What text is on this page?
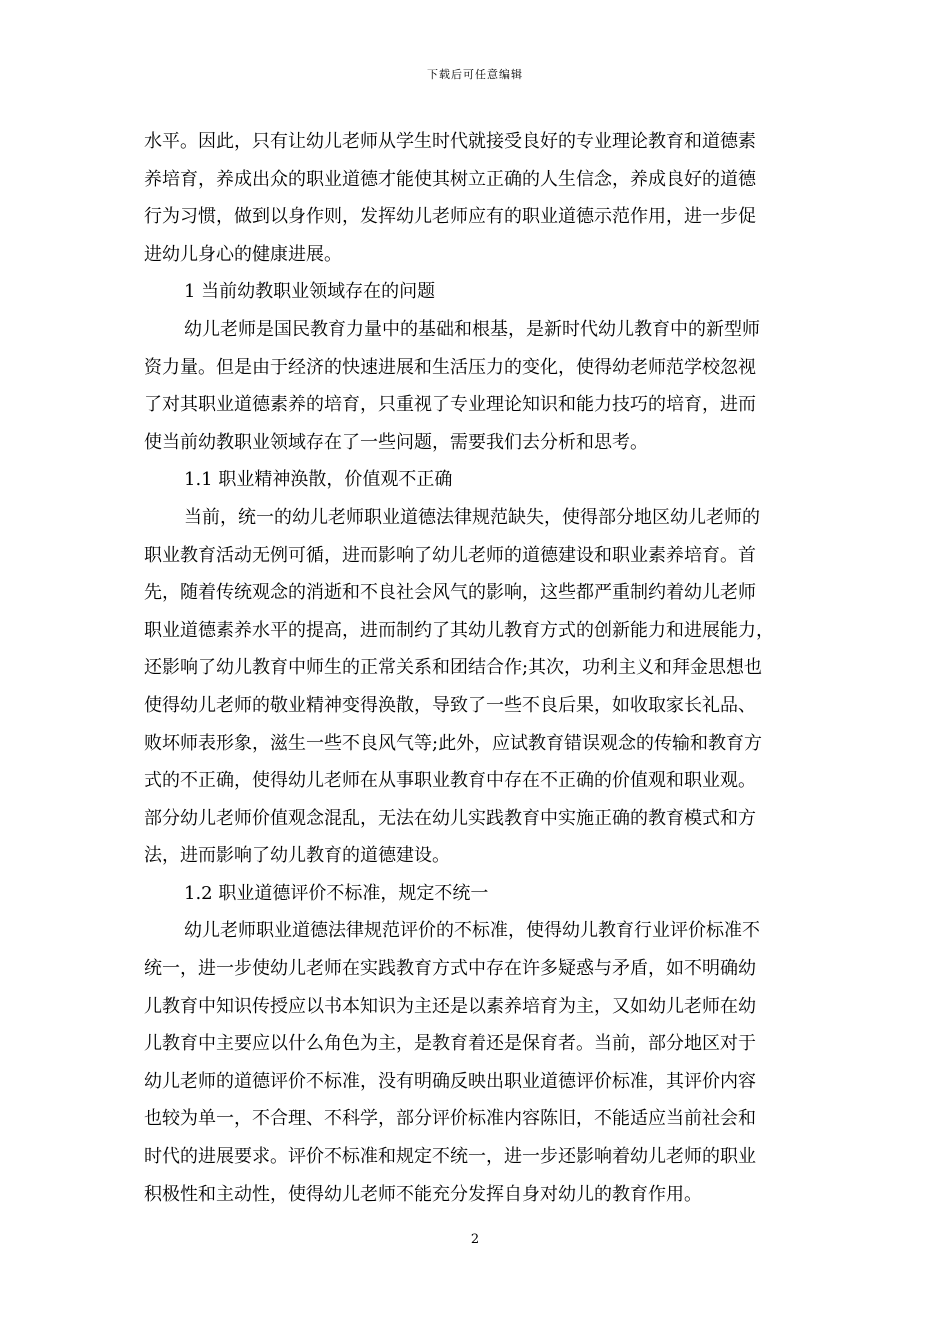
下载后可任意编辑
水平。因此，只有让幼儿老师从学生时代就接受良好的专业理论教育和道德素
养培育，养成出众的职业道德才能使其树立正确的人生信念，养成良好的道德
行为习惯，做到以身作则，发挥幼儿老师应有的职业道德示范作用，进一步促
进幼儿身心的健康进展。
1 当前幼教职业领域存在的问题
幼儿老师是国民教育力量中的基础和根基，是新时代幼儿教育中的新型师
资力量。但是由于经济的快速进展和生活压力的变化，使得幼老师范学校忽视
了对其职业道德素养的培育，只重视了专业理论知识和能力技巧的培育，进而
使当前幼教职业领域存在了一些问题，需要我们去分析和思考。
1.1 职业精神涣散，价值观不正确
当前，统一的幼儿老师职业道德法律规范缺失，使得部分地区幼儿老师的
职业教育活动无例可循，进而影响了幼儿老师的道德建设和职业素养培育。首
先，随着传统观念的消逝和不良社会风气的影响，这些都严重制约着幼儿老师
职业道德素养水平的提高，进而制约了其幼儿教育方式的创新能力和进展能力，
还影响了幼儿教育中师生的正常关系和团结合作;其次，功利主义和拜金思想也
使得幼儿老师的敬业精神变得涣散，导致了一些不良后果，如收取家长礼品、
败坏师表形象，滋生一些不良风气等;此外，应试教育错误观念的传输和教育方
式的不正确，使得幼儿老师在从事职业教育中存在不正确的价值观和职业观。
部分幼儿老师价值观念混乱，无法在幼儿实践教育中实施正确的教育模式和方
法，进而影响了幼儿教育的道德建设。
1.2 职业道德评价不标准，规定不统一
幼儿老师职业道德法律规范评价的不标准，使得幼儿教育行业评价标准不
统一，进一步使幼儿老师在实践教育方式中存在许多疑惑与矛盾，如不明确幼
儿教育中知识传授应以书本知识为主还是以素养培育为主，又如幼儿老师在幼
儿教育中主要应以什么角色为主，是教育着还是保育者。当前，部分地区对于
幼儿老师的道德评价不标准，没有明确反映出职业道德评价标准，其评价内容
也较为单一，不合理、不科学，部分评价标准内容陈旧，不能适应当前社会和
时代的进展要求。评价不标准和规定不统一，进一步还影响着幼儿老师的职业
积极性和主动性，使得幼儿老师不能充分发挥自身对幼儿的教育作用。
2
